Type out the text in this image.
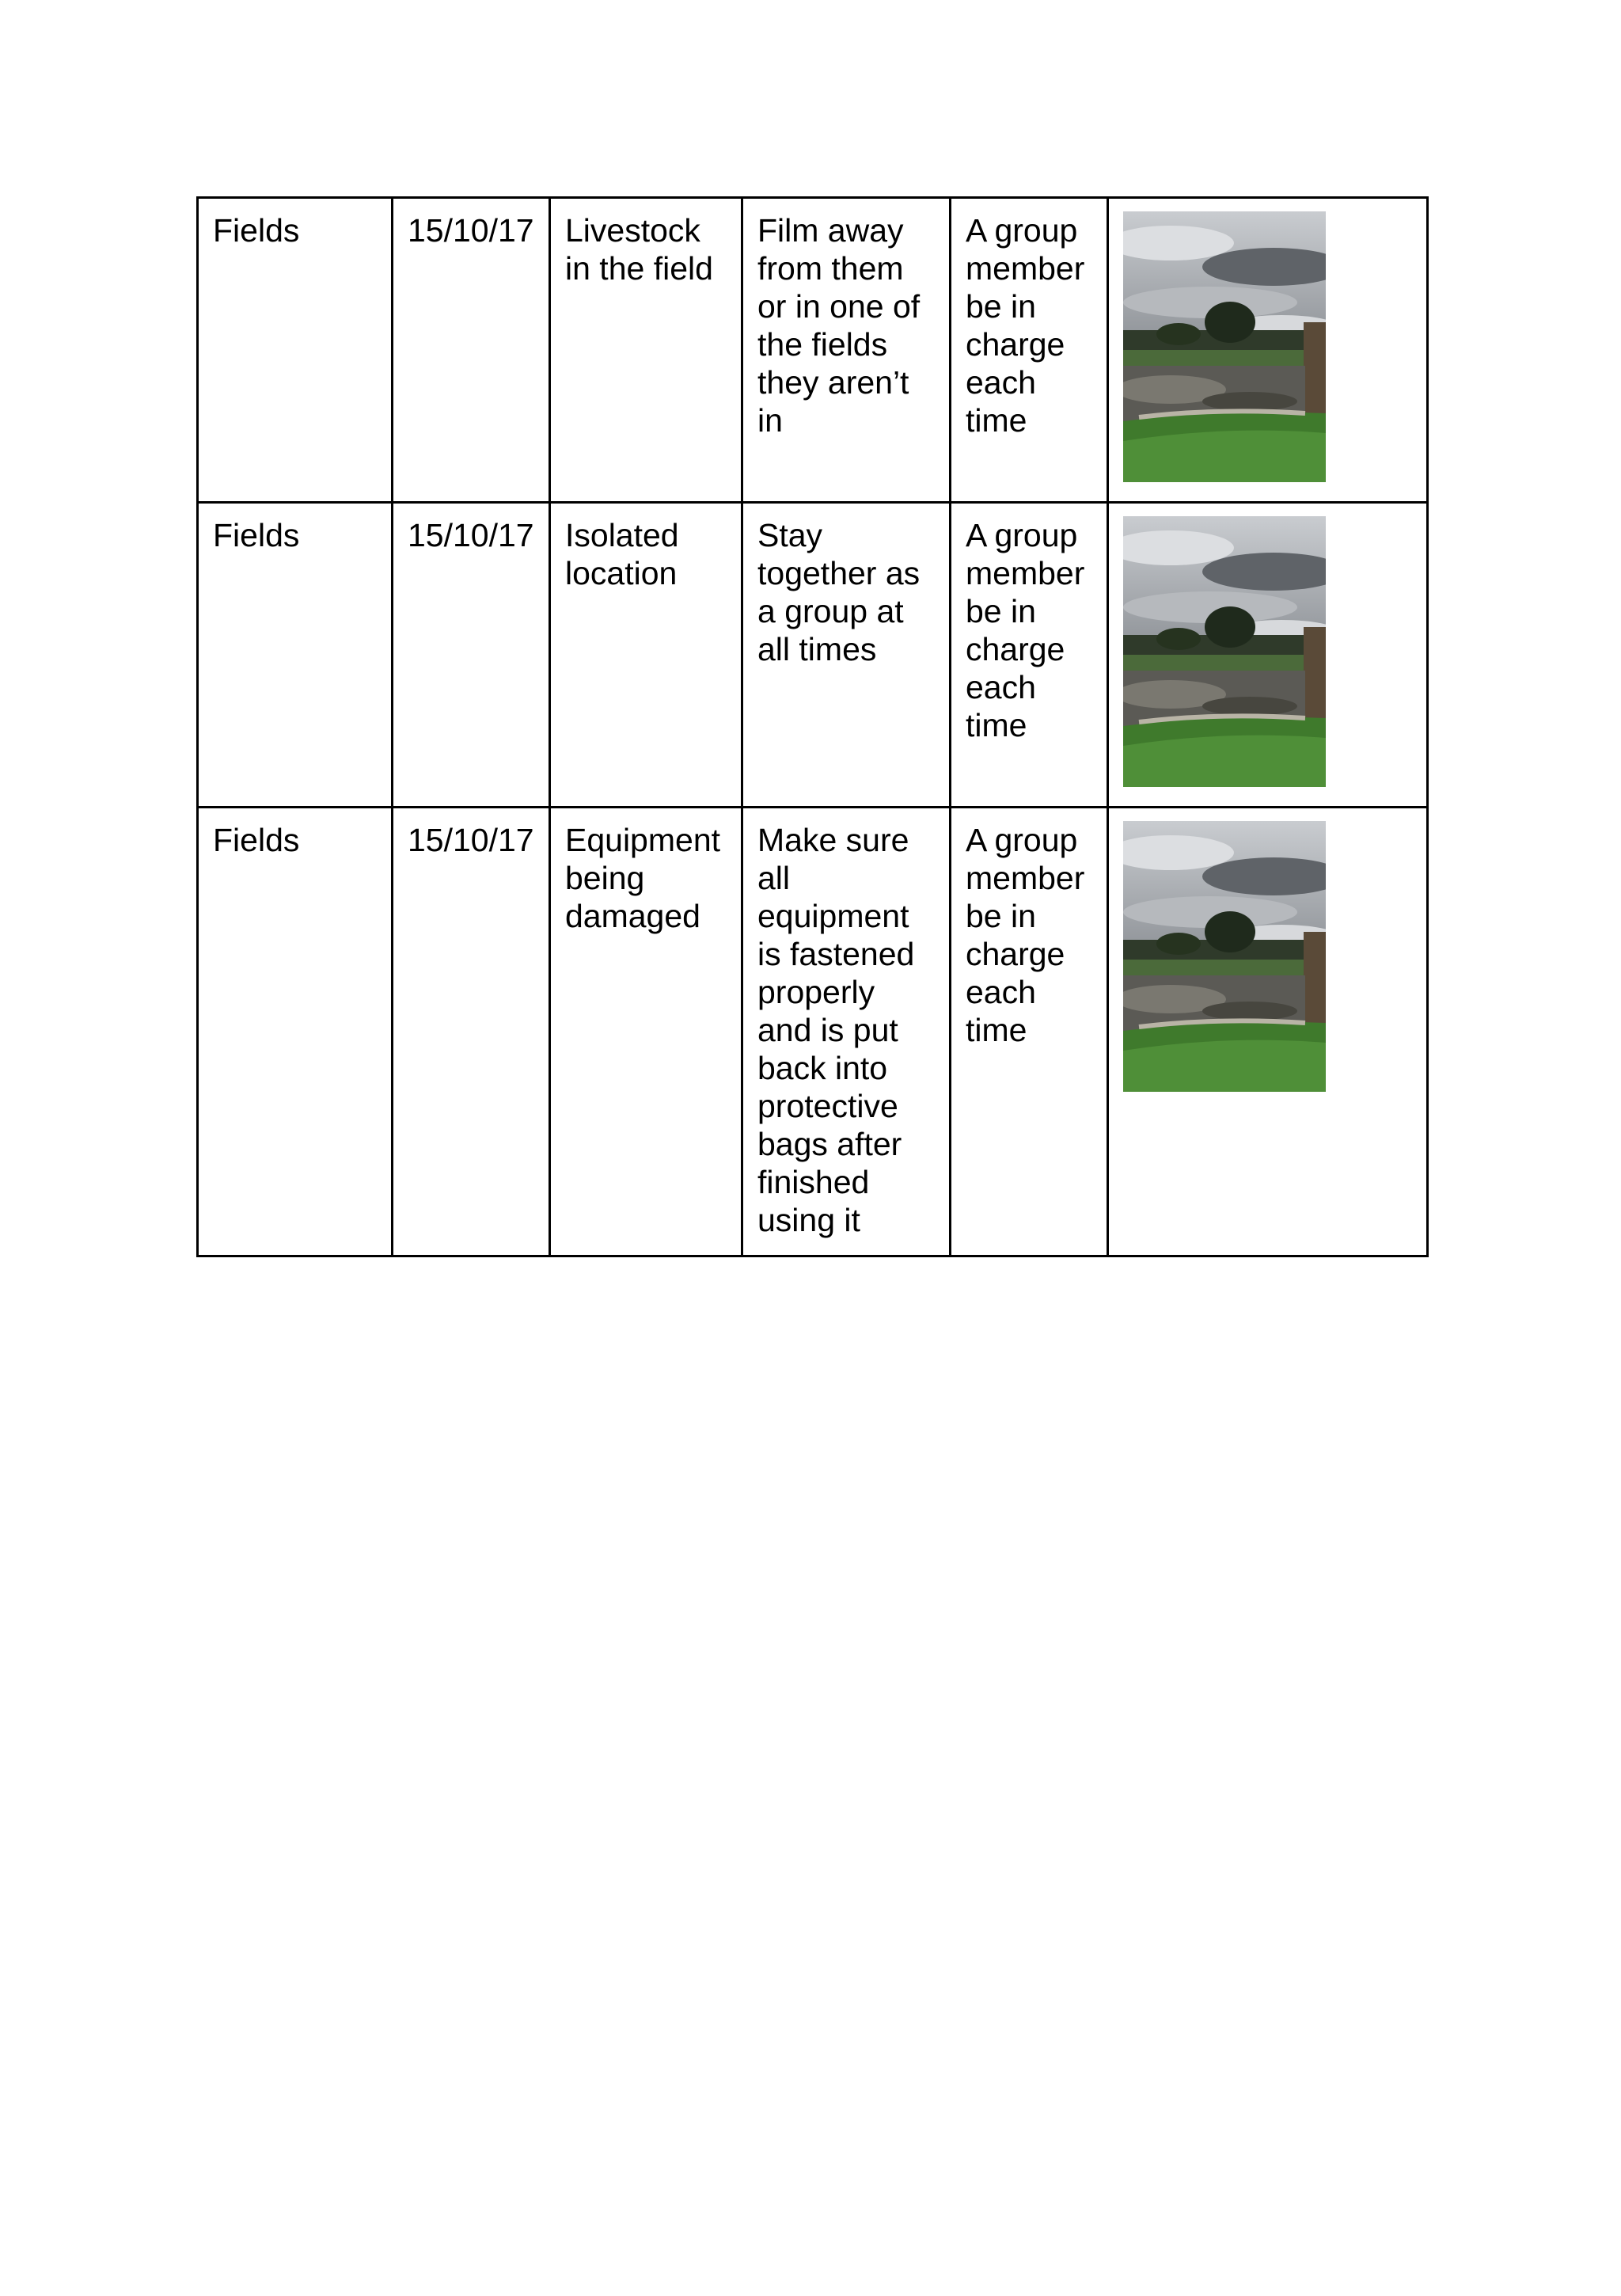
Fields	15/10/17	Livestock in the field	Film away from them or in one of the fields they aren’t in	A group member be in charge each time	

Fields	15/10/17	Isolated location	Stay together as a group at all times	A group member be in charge each time	

Fields	15/10/17	Equipment being damaged	Make sure all equipment is fastened properly and is put back into protective bags after finished using it	A group member be in charge each time	
